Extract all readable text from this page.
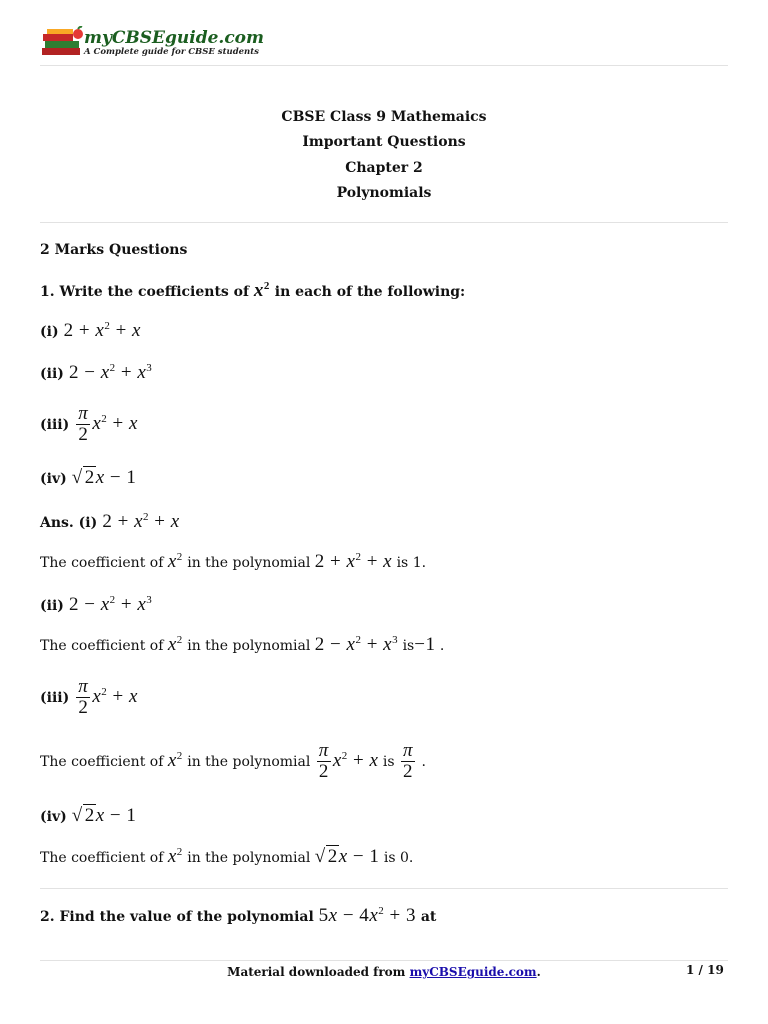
myCBSEguide.com
A Complete guide for CBSE students
CBSE Class 9 Mathemaics
Important Questions
Chapter 2
Polynomials
2 Marks Questions
1. Write the coefficients of $x^2$ in each of the following:
(i) $2 + x^2 + x$
(ii) $2 - x^2 + x^3$
$(iii) \frac{\pi}{2} x^2 + x$
(iv) √ 2x − 1
Ans. (i) $2 + x^2 + x$
The coefficient of $x^2$ in the polynomial $2 + x^2 + x$ is 1.
(ii) $2 - x^2 + x^3$
The coefficient of $x^2$ in the polynomial $2 - x^2 + x^3$ is−1 .
$(iii) \frac{\pi}{2} x^2 + x$
The coefficient of $x^2$ in the polynomial $\frac{\pi}{2} x^2 + x$ is $\frac{\pi}{2}$ .
(iv) √ 2x − 1
The coefficient of $x^2$ in the polynomial √ 2x − 1 is 0.
2. Find the value of the polynomial $5x - 4x^2 + 3$ at
Material downloaded from myCBSEguide.com.	1 / 19
